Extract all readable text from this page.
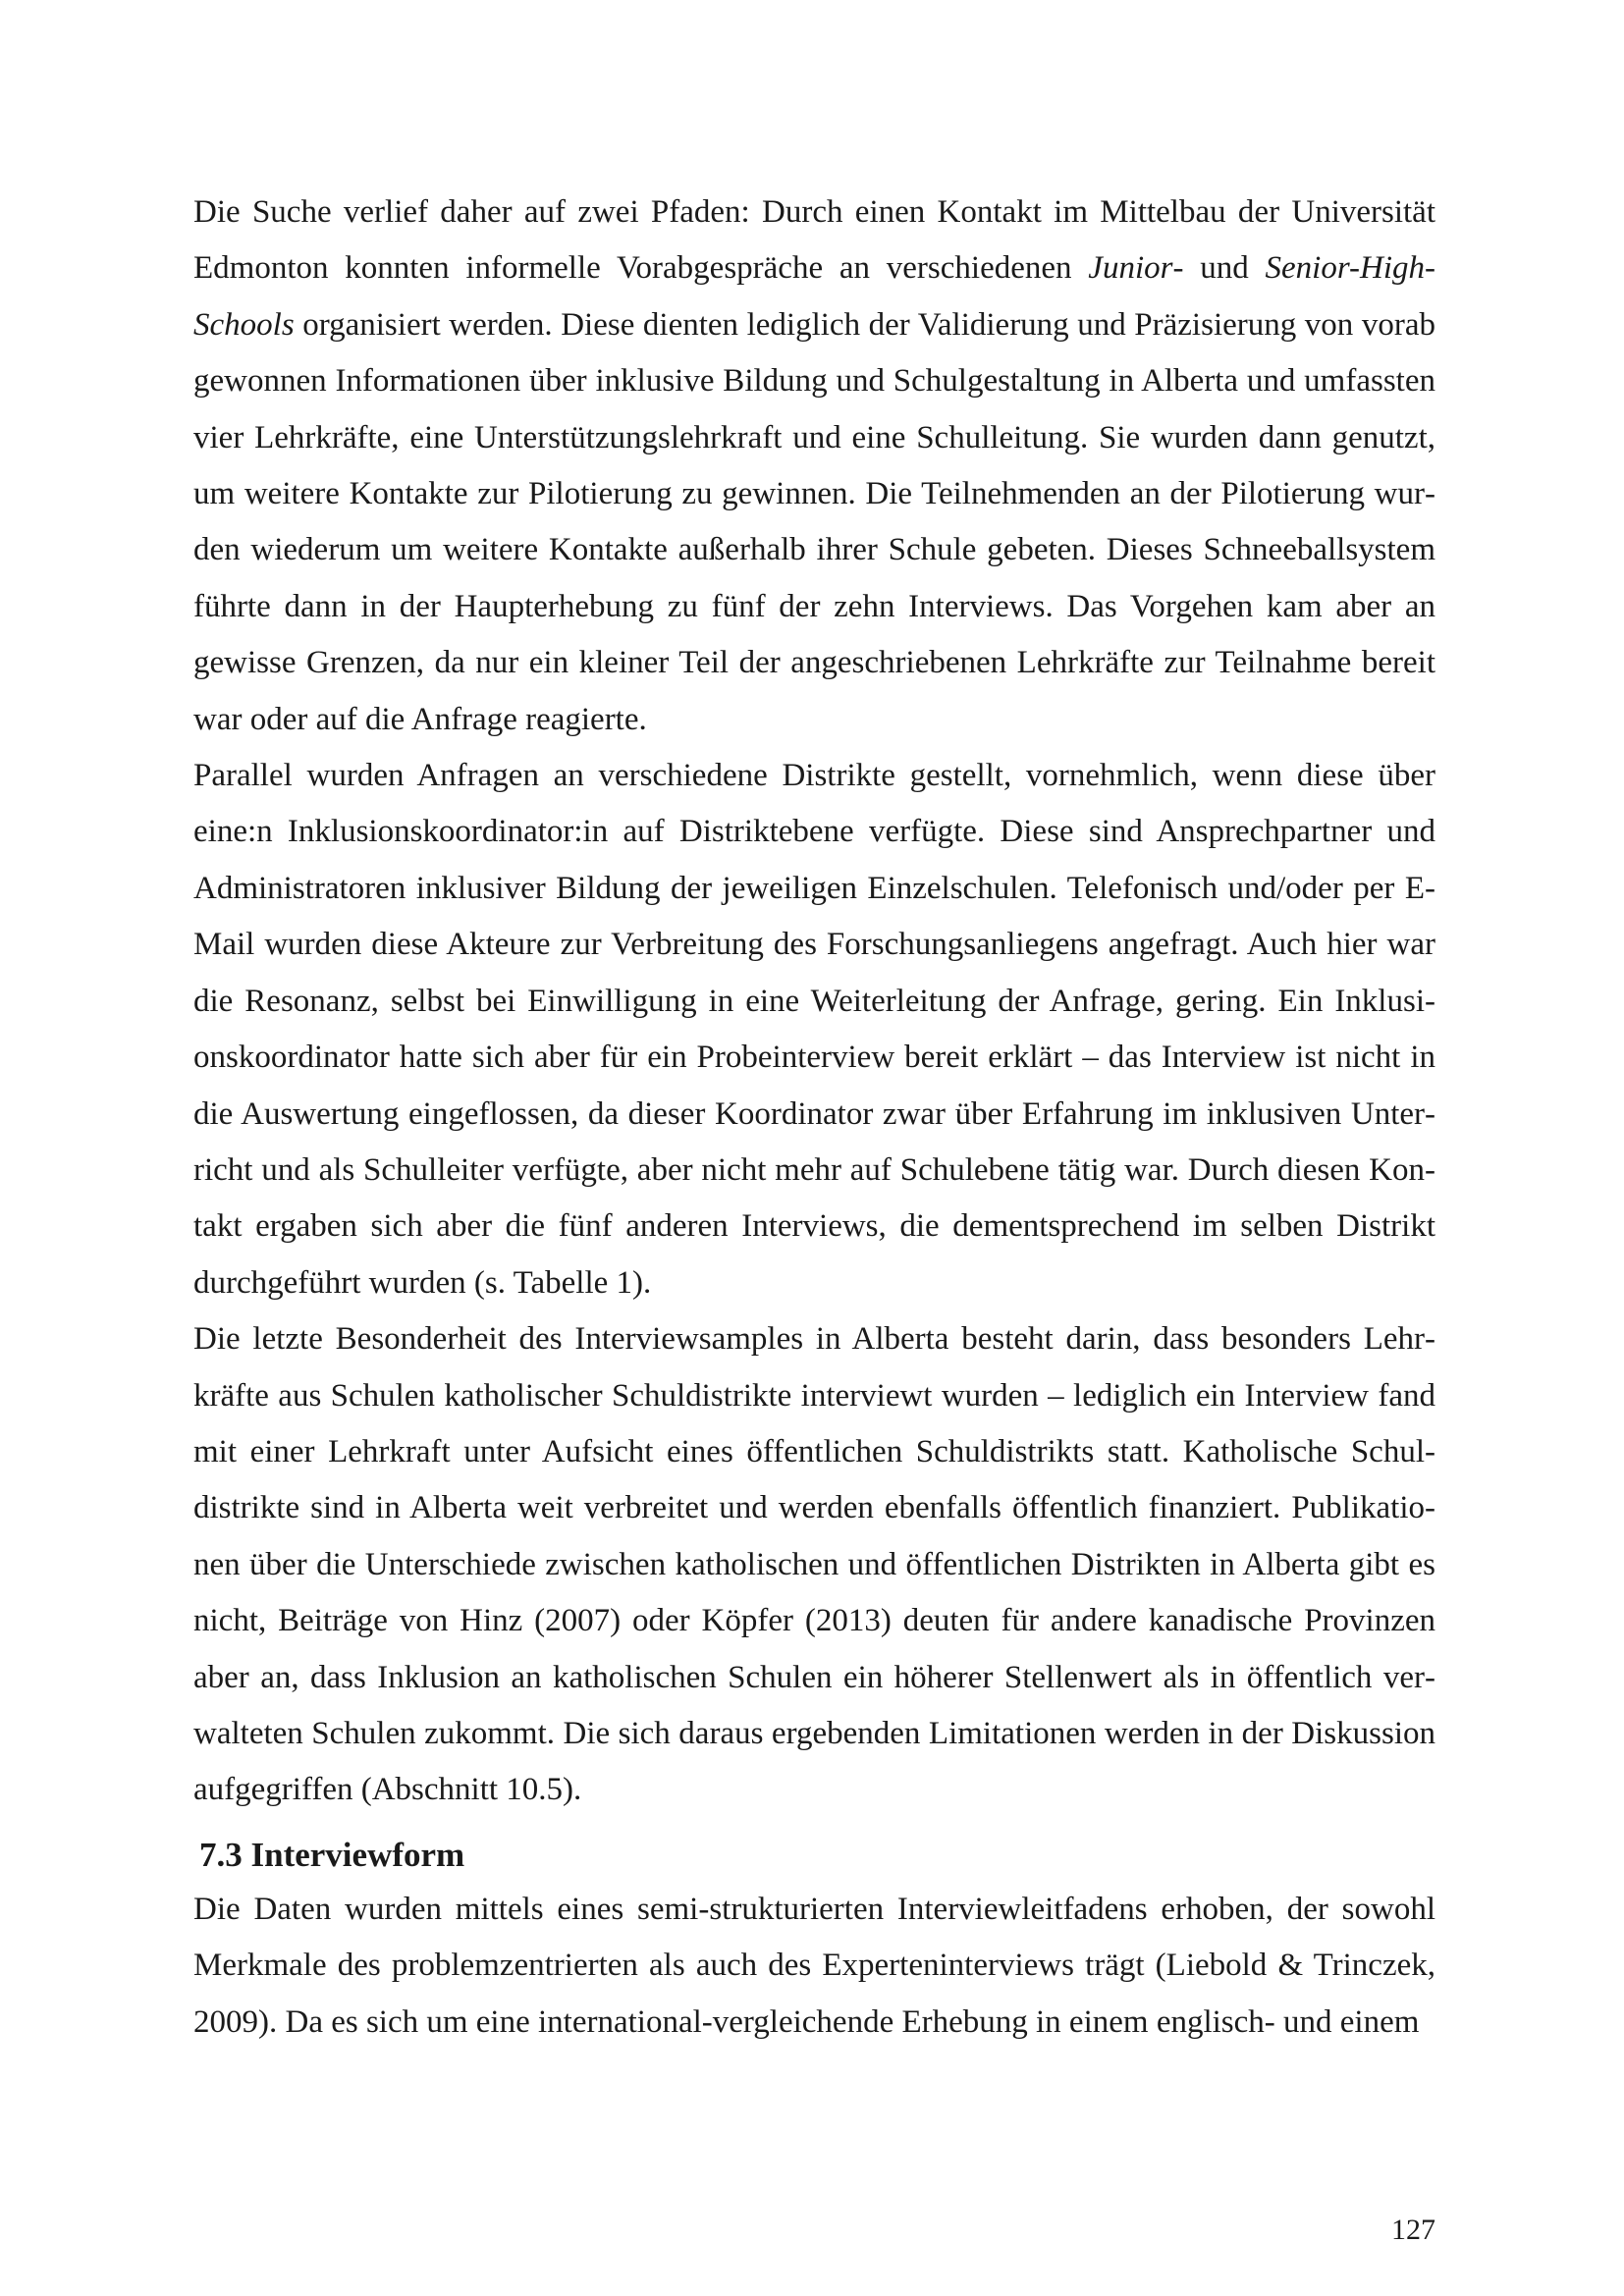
Die Suche verlief daher auf zwei Pfaden: Durch einen Kontakt im Mittelbau der Universität Edmonton konnten informelle Vorabgespräche an verschiedenen Junior- und Senior-High-Schools organisiert werden. Diese dienten lediglich der Validierung und Präzisierung von vorab gewonnen Informationen über inklusive Bildung und Schulgestaltung in Alberta und umfassten vier Lehrkräfte, eine Unterstützungslehrkraft und eine Schulleitung. Sie wurden dann genutzt, um weitere Kontakte zur Pilotierung zu gewinnen. Die Teilnehmenden an der Pilotierung wurden wiederum um weitere Kontakte außerhalb ihrer Schule gebeten. Dieses Schneeballsystem führte dann in der Haupterhebung zu fünf der zehn Interviews. Das Vorgehen kam aber an gewisse Grenzen, da nur ein kleiner Teil der angeschriebenen Lehrkräfte zur Teilnahme bereit war oder auf die Anfrage reagierte.

Parallel wurden Anfragen an verschiedene Distrikte gestellt, vornehmlich, wenn diese über eine:n Inklusionskoordinator:in auf Distriktebene verfügte. Diese sind Ansprechpartner und Administratoren inklusiver Bildung der jeweiligen Einzelschulen. Telefonisch und/oder per E-Mail wurden diese Akteure zur Verbreitung des Forschungsanliegens angefragt. Auch hier war die Resonanz, selbst bei Einwilligung in eine Weiterleitung der Anfrage, gering. Ein Inklusionskoordinator hatte sich aber für ein Probeinterview bereit erklärt – das Interview ist nicht in die Auswertung eingeflossen, da dieser Koordinator zwar über Erfahrung im inklusiven Unterricht und als Schulleiter verfügte, aber nicht mehr auf Schulebene tätig war. Durch diesen Kontakt ergaben sich aber die fünf anderen Interviews, die dementsprechend im selben Distrikt durchgeführt wurden (s. Tabelle 1).

Die letzte Besonderheit des Interviewsamples in Alberta besteht darin, dass besonders Lehrkräfte aus Schulen katholischer Schuldistrikte interviewt wurden – lediglich ein Interview fand mit einer Lehrkraft unter Aufsicht eines öffentlichen Schuldistrikts statt. Katholische Schuldistrikte sind in Alberta weit verbreitet und werden ebenfalls öffentlich finanziert. Publikationen über die Unterschiede zwischen katholischen und öffentlichen Distrikten in Alberta gibt es nicht, Beiträge von Hinz (2007) oder Köpfer (2013) deuten für andere kanadische Provinzen aber an, dass Inklusion an katholischen Schulen ein höherer Stellenwert als in öffentlich verwalteten Schulen zukommt. Die sich daraus ergebenden Limitationen werden in der Diskussion aufgegriffen (Abschnitt 10.5).

7.3 Interviewform

Die Daten wurden mittels eines semi-strukturierten Interviewleitfadens erhoben, der sowohl Merkmale des problemzentrierten als auch des Experteninterviews trägt (Liebold & Trinczek, 2009). Da es sich um eine international-vergleichende Erhebung in einem englisch- und einem

127
